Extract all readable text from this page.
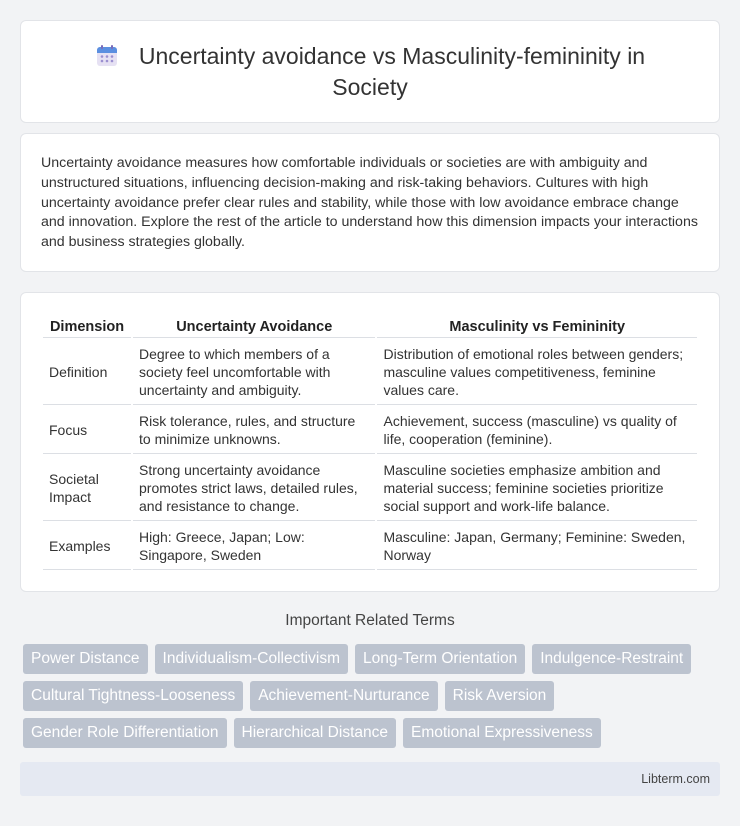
Uncertainty avoidance vs Masculinity-femininity in Society

Uncertainty avoidance measures how comfortable individuals or societies are with ambiguity and unstructured situations, influencing decision-making and risk-taking behaviors. Cultures with high uncertainty avoidance prefer clear rules and stability, while those with low avoidance embrace change and innovation. Explore the rest of the article to understand how this dimension impacts your interactions and business strategies globally.

Dimension	Uncertainty Avoidance	Masculinity vs Femininity
Definition	Degree to which members of a society feel uncomfortable with uncertainty and ambiguity.	Distribution of emotional roles between genders; masculine values competitiveness, feminine values care.
Focus	Risk tolerance, rules, and structure to minimize unknowns.	Achievement, success (masculine) vs quality of life, cooperation (feminine).
Societal Impact	Strong uncertainty avoidance promotes strict laws, detailed rules, and resistance to change.	Masculine societies emphasize ambition and material success; feminine societies prioritize social support and work-life balance.
Examples	High: Greece, Japan; Low: Singapore, Sweden	Masculine: Japan, Germany; Feminine: Sweden, Norway
Important Related Terms
Power Distance	Individualism-Collectivism	Long-Term Orientation	Indulgence-Restraint
Cultural Tightness-Looseness	Achievement-Nurturance	Risk Aversion
Gender Role Differentiation	Hierarchical Distance	Emotional Expressiveness
Libterm.com
